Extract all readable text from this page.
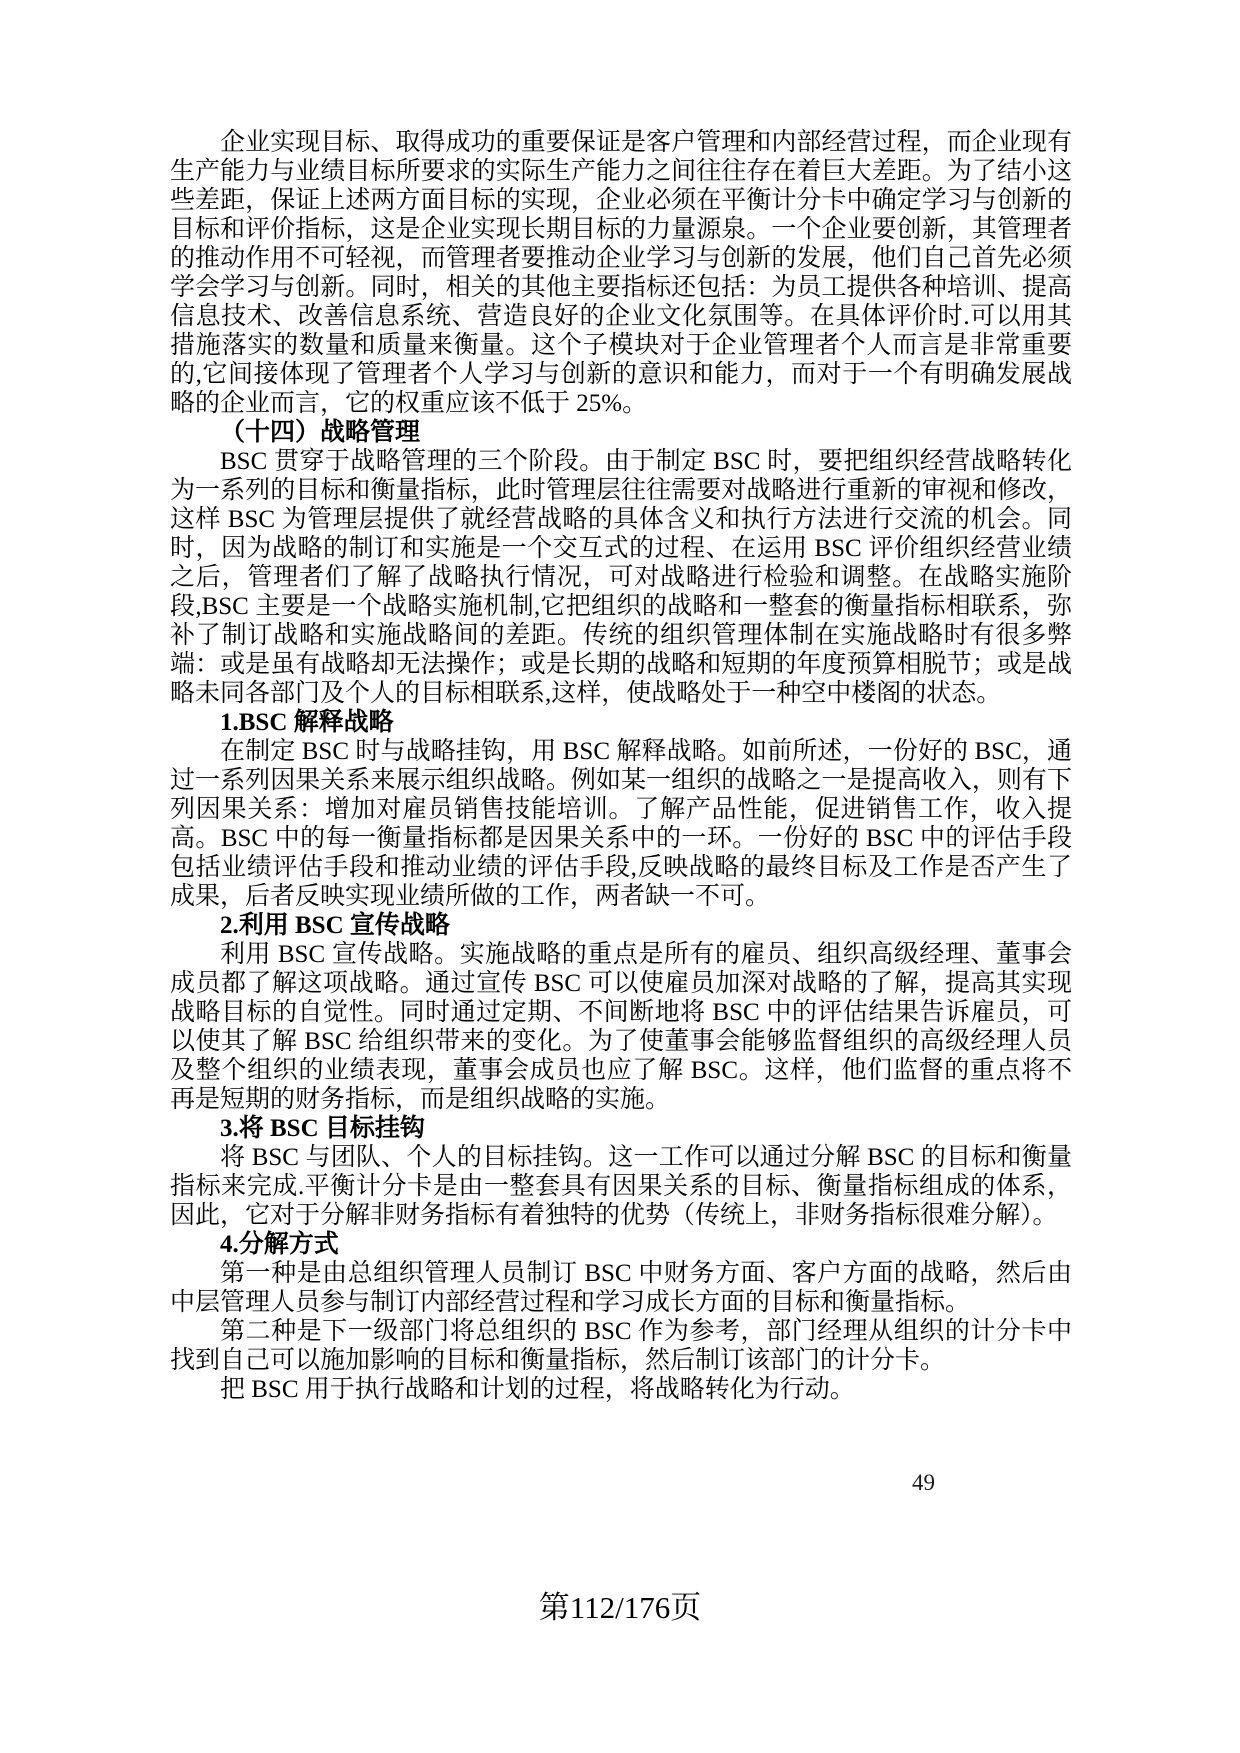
企业实现目标、取得成功的重要保证是客户管理和内部经营过程，而企业现有生产能力与业绩目标所要求的实际生产能力之间往往存在着巨大差距。为了结小这些差距，保证上述两方面目标的实现，企业必须在平衡计分卡中确定学习与创新的目标和评价指标，这是企业实现长期目标的力量源泉。一个企业要创新，其管理者的推动作用不可轻视，而管理者要推动企业学习与创新的发展，他们自己首先必须学会学习与创新。同时，相关的其他主要指标还包括：为员工提供各种培训、提高信息技术、改善信息系统、营造良好的企业文化氛围等。在具体评价时.可以用其措施落实的数量和质量来衡量。这个子模块对于企业管理者个人而言是非常重要的,它间接体现了管理者个人学习与创新的意识和能力，而对于一个有明确发展战略的企业而言，它的权重应该不低于 25%。

（十四）战略管理

BSC 贯穿于战略管理的三个阶段。由于制定 BSC 时，要把组织经营战略转化为一系列的目标和衡量指标，此时管理层往往需要对战略进行重新的审视和修改，这样 BSC 为管理层提供了就经营战略的具体含义和执行方法进行交流的机会。同时，因为战略的制订和实施是一个交互式的过程、在运用 BSC 评价组织经营业绩之后，管理者们了解了战略执行情况，可对战略进行检验和调整。在战略实施阶段,BSC 主要是一个战略实施机制,它把组织的战略和一整套的衡量指标相联系，弥补了制订战略和实施战略间的差距。传统的组织管理体制在实施战略时有很多弊端：或是虽有战略却无法操作；或是长期的战略和短期的年度预算相脱节；或是战略未同各部门及个人的目标相联系,这样，使战略处于一种空中楼阁的状态。

1.BSC 解释战略

在制定 BSC 时与战略挂钩，用 BSC 解释战略。如前所述，一份好的 BSC，通过一系列因果关系来展示组织战略。例如某一组织的战略之一是提高收入，则有下列因果关系：增加对雇员销售技能培训。了解产品性能，促进销售工作，收入提高。BSC 中的每一衡量指标都是因果关系中的一环。一份好的 BSC 中的评估手段包括业绩评估手段和推动业绩的评估手段,反映战略的最终目标及工作是否产生了成果，后者反映实现业绩所做的工作，两者缺一不可。

2.利用 BSC 宣传战略

利用 BSC 宣传战略。实施战略的重点是所有的雇员、组织高级经理、董事会成员都了解这项战略。通过宣传 BSC 可以使雇员加深对战略的了解，提高其实现战略目标的自觉性。同时通过定期、不间断地将 BSC 中的评估结果告诉雇员，可以使其了解 BSC 给组织带来的变化。为了使董事会能够监督组织的高级经理人员及整个组织的业绩表现，董事会成员也应了解 BSC。这样，他们监督的重点将不再是短期的财务指标，而是组织战略的实施。

3.将 BSC 目标挂钩

将 BSC 与团队、个人的目标挂钩。这一工作可以通过分解 BSC 的目标和衡量指标来完成.平衡计分卡是由一整套具有因果关系的目标、衡量指标组成的体系，因此，它对于分解非财务指标有着独特的优势（传统上，非财务指标很难分解）。

4.分解方式

第一种是由总组织管理人员制订 BSC 中财务方面、客户方面的战略，然后由中层管理人员参与制订内部经营过程和学习成长方面的目标和衡量指标。

第二种是下一级部门将总组织的 BSC 作为参考，部门经理从组织的计分卡中找到自己可以施加影响的目标和衡量指标，然后制订该部门的计分卡。

把 BSC 用于执行战略和计划的过程，将战略转化为行动。

49
第112/176页
